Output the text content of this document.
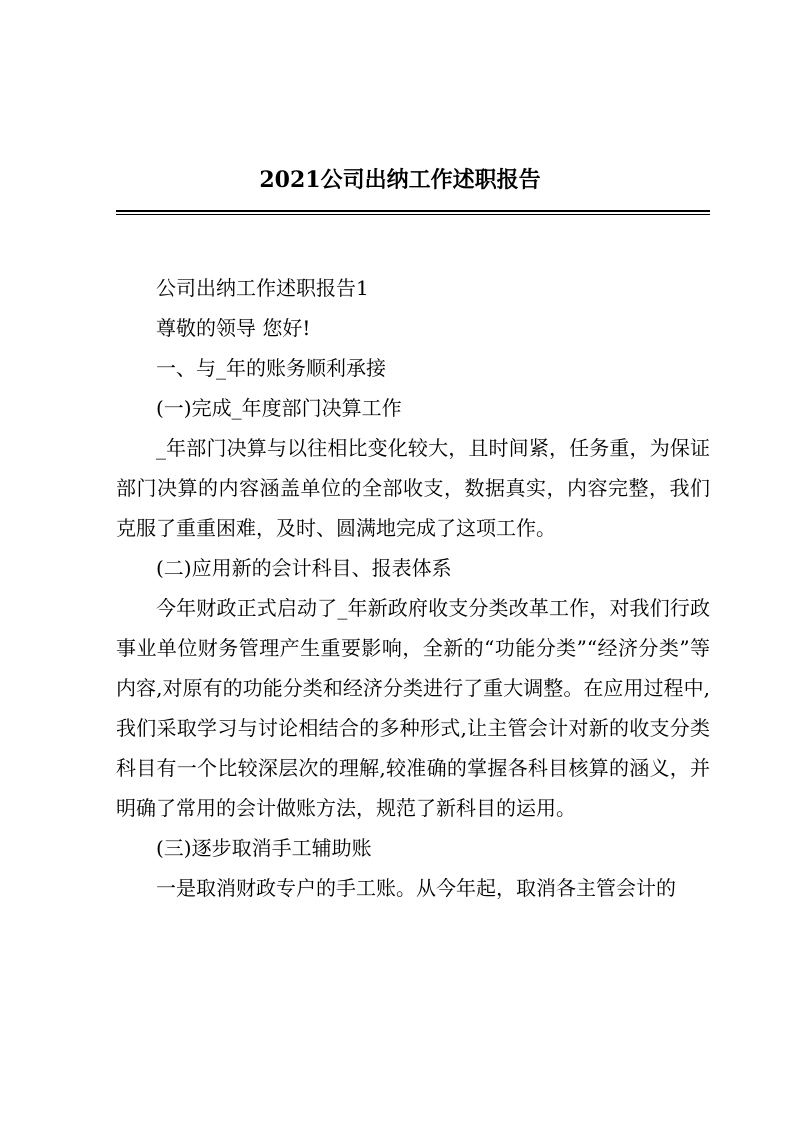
2021公司出纳工作述职报告

公司出纳工作述职报告1

尊敬的领导 您好!

一、与_年的账务顺利承接

(一)完成_年度部门决算工作

_年部门决算与以往相比变化较大，且时间紧，任务重，为保证部门决算的内容涵盖单位的全部收支，数据真实，内容完整，我们克服了重重困难，及时、圆满地完成了这项工作。

(二)应用新的会计科目、报表体系

今年财政正式启动了_年新政府收支分类改革工作，对我们行政事业单位财务管理产生重要影响，全新的“功能分类”“经济分类”等内容,对原有的功能分类和经济分类进行了重大调整。在应用过程中,我们采取学习与讨论相结合的多种形式,让主管会计对新的收支分类科目有一个比较深层次的理解,较准确的掌握各科目核算的涵义，并明确了常用的会计做账方法，规范了新科目的运用。

(三)逐步取消手工辅助账

一是取消财政专户的手工账。从今年起，取消各主管会计的
